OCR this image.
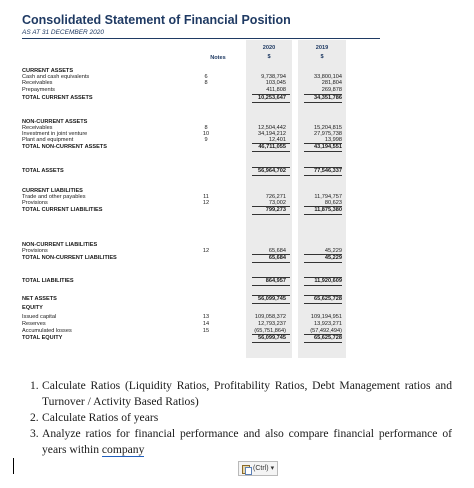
Consolidated Statement of Financial Position
AS AT 31 DECEMBER 2020
Notes
2020
$
2019
$
CURRENT ASSETS
Cash and cash equivalents	6	9,738,794	33,800,104
Receivables	8	103,045	281,804
Prepayments	411,808	269,878
TOTAL CURRENT ASSETS	10,253,647	34,351,786
NON-CURRENT ASSETS
Receivables	8	12,504,442	15,204,815
Investment in joint venture	10	34,194,212	27,975,738
Plant and equipment	9	12,401	13,998
TOTAL NON-CURRENT ASSETS	46,711,055	43,194,551
TOTAL ASSETS	56,964,702	77,546,337
CURRENT LIABILITIES
Trade and other payables	11	726,271	11,794,757
Provisions	12	73,002	80,623
TOTAL CURRENT LIABILITIES	799,273	11,875,380
NON-CURRENT LIABILITIES
Provisions	12	65,684	45,229
TOTAL NON-CURRENT LIABILITIES	65,684	45,229
TOTAL LIABILITIES	864,957	11,920,609
NET ASSETS	56,099,745	65,625,728
EQUITY
Issued capital	13	109,058,372	109,194,951
Reserves	14	12,793,237	13,923,271
Accumulated losses	15	(65,751,864)	(57,492,494)
TOTAL EQUITY	56,099,745	65,625,728
1. Calculate Ratios (Liquidity Ratios, Profitability Ratios, Debt Management ratios and Turnover / Activity Based Ratios)
2. Calculate Ratios of years
3. Analyze ratios for financial performance and also compare financial performance of years within company
(Ctrl) ▾
